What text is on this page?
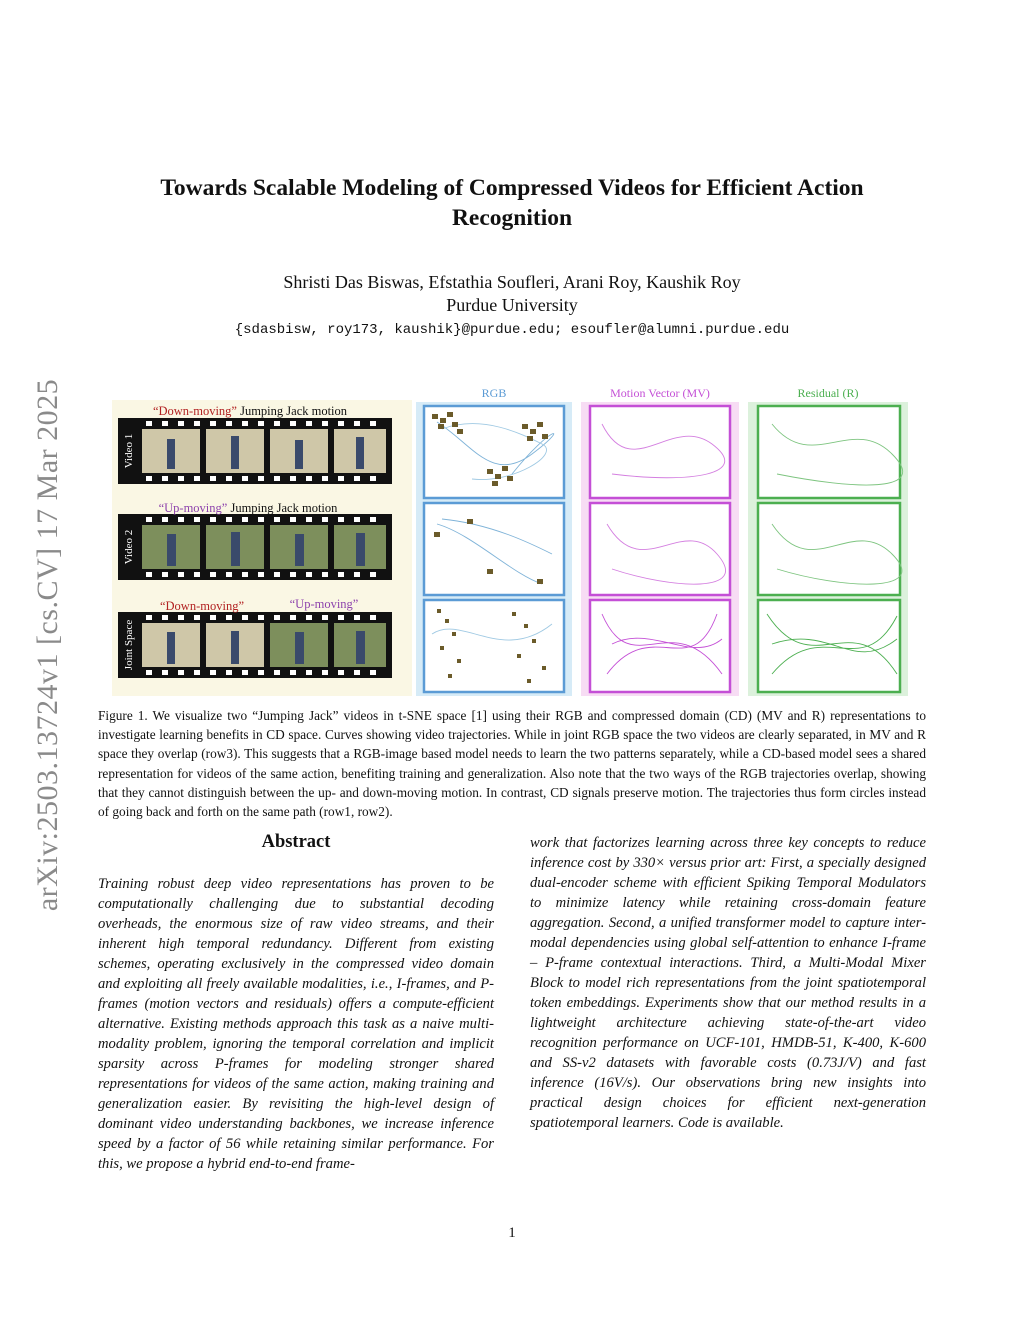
arXiv:2503.13724v1 [cs.CV] 17 Mar 2025
Towards Scalable Modeling of Compressed Videos for Efficient Action Recognition
Shristi Das Biswas, Efstathia Soufleri, Arani Roy, Kaushik Roy
Purdue University
{sdasbisw, roy173, kaushik}@purdue.edu; esoufler@alumni.purdue.edu
Video 1
Video 2
Joint Space
“Down-moving” Jumping Jack motion
“Up-moving” Jumping Jack motion
“Down-moving”	“Up-moving”
RGB	Motion Vector (MV)	Residual (R)
Figure 1. We visualize two “Jumping Jack” videos in t-SNE space [1] using their RGB and compressed domain (CD) (MV and R) representations to investigate learning benefits in CD space. Curves showing video trajectories. While in joint RGB space the two videos are clearly separated, in MV and R space they overlap (row3). This suggests that a RGB-image based model needs to learn the two patterns separately, while a CD-based model sees a shared representation for videos of the same action, benefiting training and generalization. Also note that the two ways of the RGB trajectories overlap, showing that they cannot distinguish between the up- and down-moving motion. In contrast, CD signals preserve motion. The trajectories thus form circles instead of going back and forth on the same path (row1, row2).
Abstract
Training robust deep video representations has proven to be computationally challenging due to substantial decoding overheads, the enormous size of raw video streams, and their inherent high temporal redundancy. Different from existing schemes, operating exclusively in the compressed video domain and exploiting all freely available modalities, i.e., I-frames, and P-frames (motion vectors and residuals) offers a compute-efficient alternative. Existing methods approach this task as a naive multi-modality problem, ignoring the temporal correlation and implicit sparsity across P-frames for modeling stronger shared representations for videos of the same action, making training and generalization easier. By revisiting the high-level design of dominant video understanding backbones, we increase inference speed by a factor of 56 while retaining similar performance. For this, we propose a hybrid end-to-end frame-
work that factorizes learning across three key concepts to reduce inference cost by 330× versus prior art: First, a specially designed dual-encoder scheme with efficient Spiking Temporal Modulators to minimize latency while retaining cross-domain feature aggregation. Second, a unified transformer model to capture inter-modal dependencies using global self-attention to enhance I-frame – P-frame contextual interactions. Third, a Multi-Modal Mixer Block to model rich representations from the joint spatiotemporal token embeddings. Experiments show that our method results in a lightweight architecture achieving state-of-the-art video recognition performance on UCF-101, HMDB-51, K-400, K-600 and SS-v2 datasets with favorable costs (0.73J/V) and fast inference (16V/s). Our observations bring new insights into practical design choices for efficient next-generation spatiotemporal learners. Code is available.
1
